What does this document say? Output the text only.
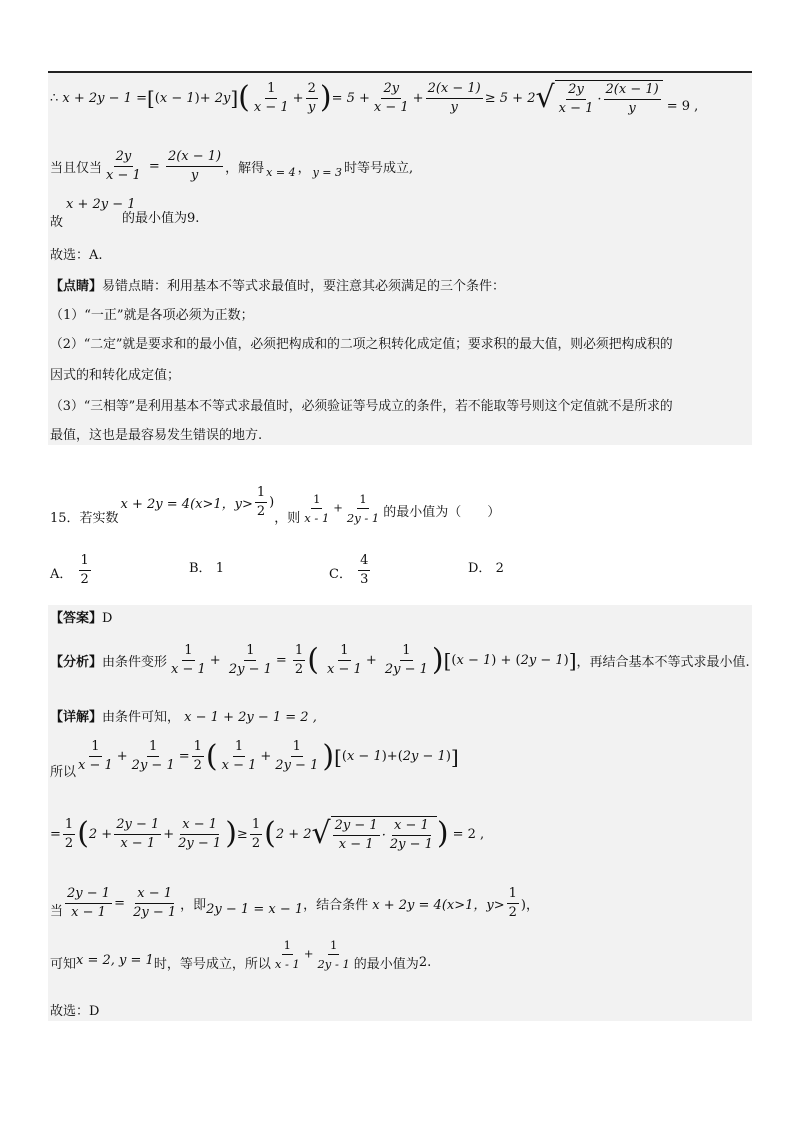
∴ x + 2y − 1 = [ ( x − 1 ) + 2y ] ( 1
x − 1
+
2
y ) = 5 +
2y
x − 1
+
2(x − 1)
y
≥ 5 + 2 √ 2y
x − 1
·
2(x − 1)
y = 9 ,
当且仅当 $\frac{2y}{x - 1} = \frac{2(x - 1)}{y}$ ，解得 x = 4 ， y = 3 时等号成立,
故
x + 2y − 1
的最小值为9.
故选：A.
【点睛】易错点睛：利用基本不等式求最值时，要注意其必须满足的三个条件：
（1）“一正”就是各项必须为正数；
（2）“二定”就是要求和的最小值，必须把构成和的二项之积转化成定值；要求积的最大值，则必须把构成积的
因式的和转化成定值；
（3）“三相等”是利用基本不等式求最值时，必须验证等号成立的条件，若不能取等号则这个定值就不是所求的
最值，这也是最容易发生错误的地方.
15．若实数
x + 2y = 4(x>1，y>
1
2
)
，则 $\frac{1}{x - 1} + \frac{1}{2y - 1}$ 的最小值为（　　）
A． $\frac{1}{2}$	B． 1	C． $\frac{4}{3}$	D． 2
【答案】D
【分析】 由条件变形 $\frac{1}{x - 1} + \frac{1}{2y - 1} = \frac{1}{2}$ ( $\frac{1}{x - 1} + \frac{1}{2y - 1} )[(x - 1) + (2y - 1)]$ ，再结合基本不等式求最小值.
【详解】由条件可知， x − 1 + 2y − 1 = 2 ,
所以
1
x − 1
+
1
2y − 1
=
1
2 ( 1
x − 1
+
1
2y − 1 ) [ ( x − 1 ) + ( 2y − 1 ) ]
=
1
2 ( 2 +
2y − 1
x − 1
+
x − 1
2y − 1 ) ≥
1
2 ( 2 + 2 √ 2y − 1
x − 1
·
x − 1
2y − 1 ) = 2 ,
当 $\frac{2y - 1}{x - 1} = \frac{x - 1}{2y - 1}$ ，即 2y − 1 = x − 1 ，结合条件
x + 2y = 4(x>1，y>
1
2 )，
可知 x = 2, y = 1 时，等号成立，所以 $\frac{1}{x - 1} + \frac{1}{2y - 1}$ 的最小值为 2 .
故选：D
